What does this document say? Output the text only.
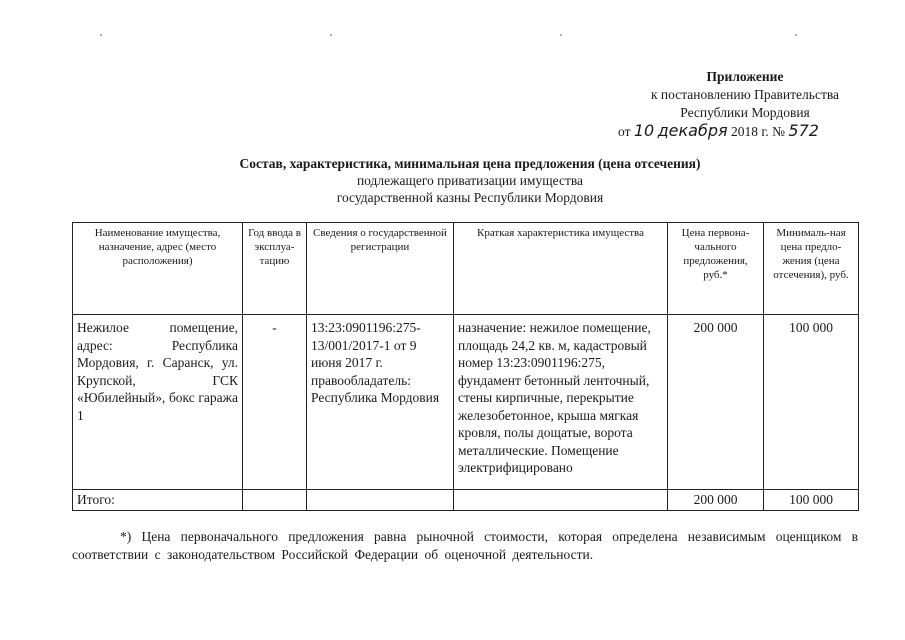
Приложение
к постановлению Правительства
Республики Мордовия
от 10 декабря 2018 г. № 572
Состав, характеристика, минимальная цена предложения (цена отсечения)
подлежащего приватизации имущества
государственной казны Республики Мордовия
Наименование имущества, назначение, адрес (место расположения)	Год ввода в эксплуа-тацию	Сведения о государственной регистрации	Краткая характеристика имущества	Цена первона-чального предложения, руб.*	Минималь-ная цена предло-жения (цена отсечения), руб.
Нежилое помещение, адрес: Республика Мордовия, г. Саранск, ул. Крупской, ГСК «Юбилейный», бокс гаража 1	-	13:23:0901196:275-13/001/2017-1 от 9 июня 2017 г. правообладатель: Республика Мордовия	назначение: нежилое помещение, площадь 24,2 кв. м, кадастровый номер 13:23:0901196:275, фундамент бетонный ленточный, стены кирпичные, перекрытие железобетонное, крыша мягкая кровля, полы дощатые, ворота металлические. Помещение электрифицировано	200 000	100 000
Итого:				200 000	100 000
*) Цена первоначального предложения равна рыночной стоимости, которая определена независимым оценщиком в соответствии с законодательством Российской Федерации об оценочной деятельности.
